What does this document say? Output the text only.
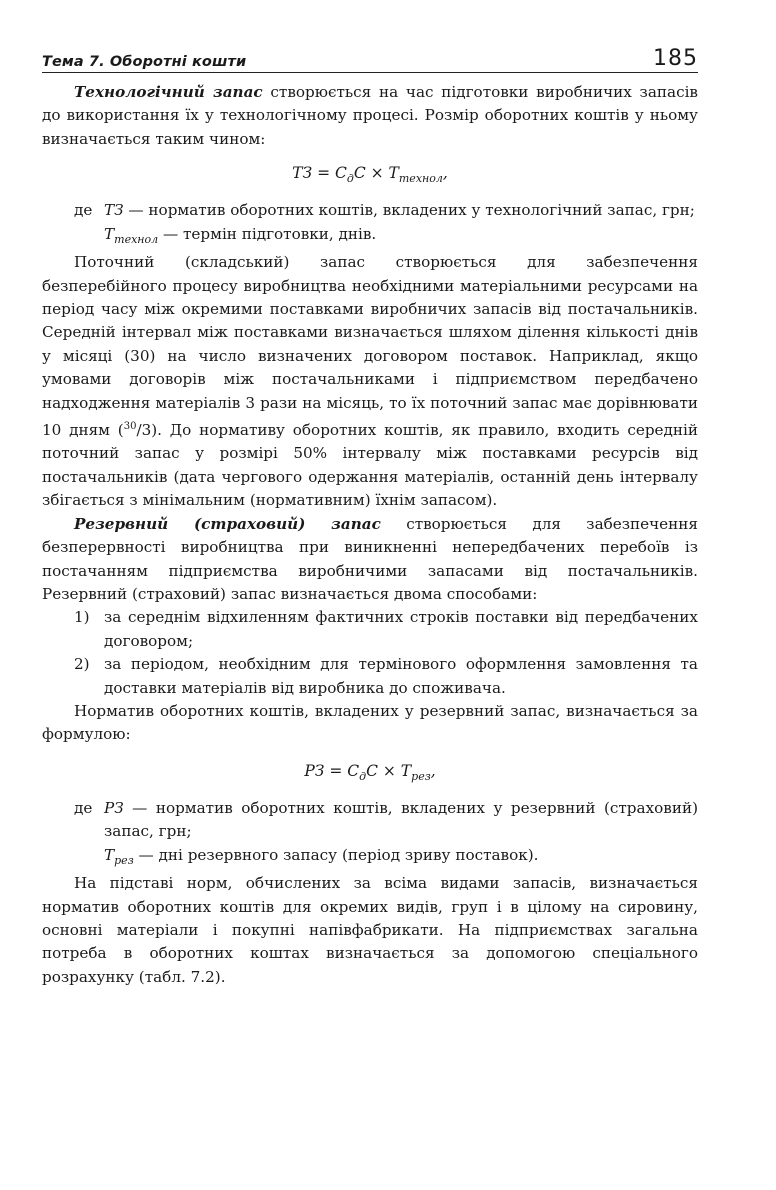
Тема 7. Оборотні кошти	185

Технологічний запас створюється на час підготовки виробничих запасів до використання їх у технологічному процесі. Розмір оборотних коштів у ньому визначається таким чином:

ТЗ = $С_дС \times Т_{технол}$,
де ТЗ — норматив оборотних коштів, вкладених у технологічний запас, грн;
$Т_{технол}$ — термін підготовки, днів.

Поточний (складський) запас створюється для забезпечення безперебійного процесу виробництва необхідними матеріальними ресурсами на період часу між окремими поставками виробничих запасів від постачальників. Середній інтервал між поставками визначається шляхом ділення кількості днів у місяці (30) на число визначених договором поставок. Наприклад, якщо умовами договорів між постачальниками і підприємством передбачено надходження матеріалів 3 рази на місяць, то їх поточний запас має дорівнювати 10 дням ($^{30}$/3). До нормативу оборотних коштів, як правило, входить середній поточний запас у розмірі 50% інтервалу між поставками ресурсів від постачальників (дата чергового одержання матеріалів, останній день інтервалу збігається з мінімальним (нормативним) їхнім запасом).

Резервний (страховий) запас створюється для забезпечення безперервності виробництва при виникненні непередбачених перебоїв із постачанням підприємства виробничими запасами від постачальників. Резервний (страховий) запас визначається двома способами:

1) за середнім відхиленням фактичних строків поставки від передбачених договором;
2) за періодом, необхідним для термінового оформлення замовлення та доставки матеріалів від виробника до споживача.

Норматив оборотних коштів, вкладених у резервний запас, визначається за формулою:

РЗ = $С_дС \times Т_{рез}$,
де РЗ — норматив оборотних коштів, вкладених у резервний (страховий) запас, грн;
$Т_{рез}$ — дні резервного запасу (період зриву поставок).

На підставі норм, обчислених за всіма видами запасів, визначається норматив оборотних коштів для окремих видів, груп і в цілому на сировину, основні матеріали і покупні напівфабрикати. На підприємствах загальна потреба в оборотних коштах визначається за допомогою спеціального розрахунку (табл. 7.2).
